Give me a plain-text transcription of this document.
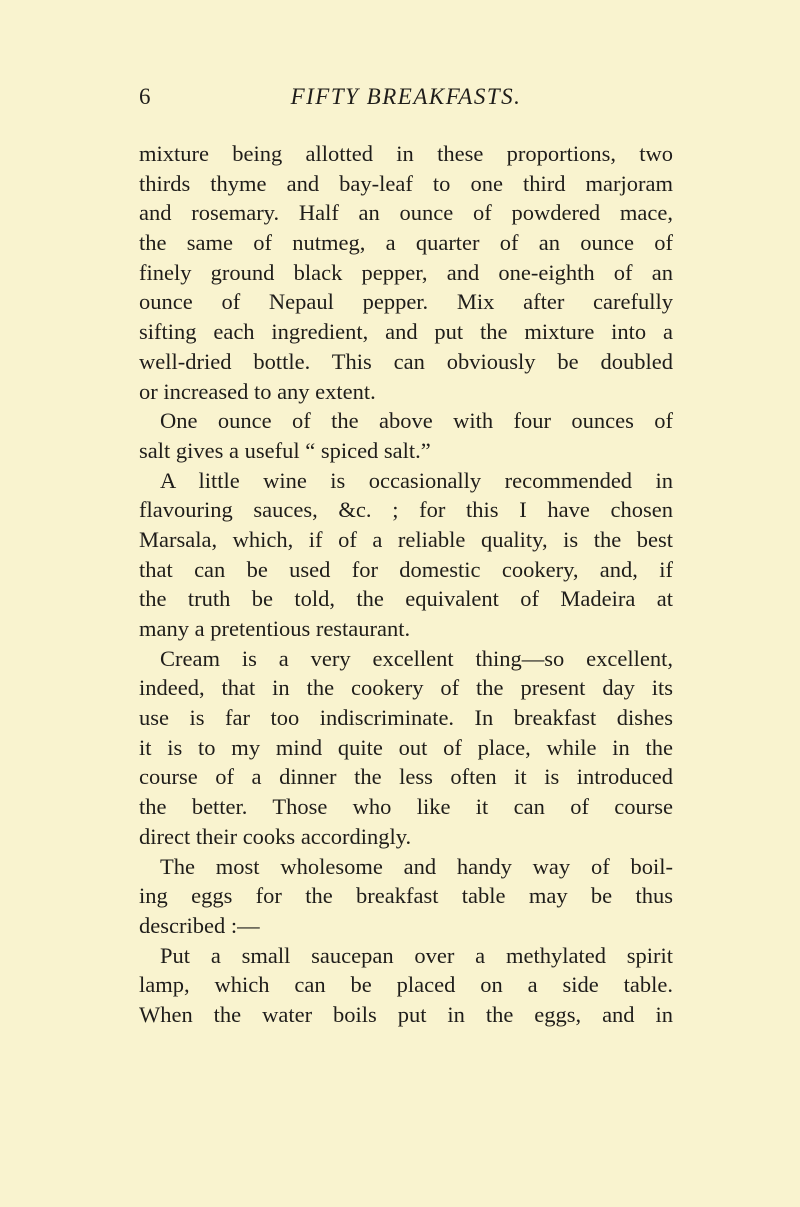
6	FIFTY BREAKFASTS.
mixture being allotted in these proportions, two
thirds thyme and bay-leaf to one third marjoram
and rosemary. Half an ounce of powdered mace,
the same of nutmeg, a quarter of an ounce of
finely ground black pepper, and one-eighth of an
ounce of Nepaul pepper. Mix after carefully
sifting each ingredient, and put the mixture into a
well-dried bottle. This can obviously be doubled
or increased to any extent.
One ounce of the above with four ounces of
salt gives a useful “ spiced salt.”
A little wine is occasionally recommended in
flavouring sauces, &c. ; for this I have chosen
Marsala, which, if of a reliable quality, is the best
that can be used for domestic cookery, and, if
the truth be told, the equivalent of Madeira at
many a pretentious restaurant.
Cream is a very excellent thing—so excellent,
indeed, that in the cookery of the present day its
use is far too indiscriminate. In breakfast dishes
it is to my mind quite out of place, while in the
course of a dinner the less often it is introduced
the better. Those who like it can of course
direct their cooks accordingly.
The most wholesome and handy way of boil-
ing eggs for the breakfast table may be thus
described :—
Put a small saucepan over a methylated spirit
lamp, which can be placed on a side table.
When the water boils put in the eggs, and in
